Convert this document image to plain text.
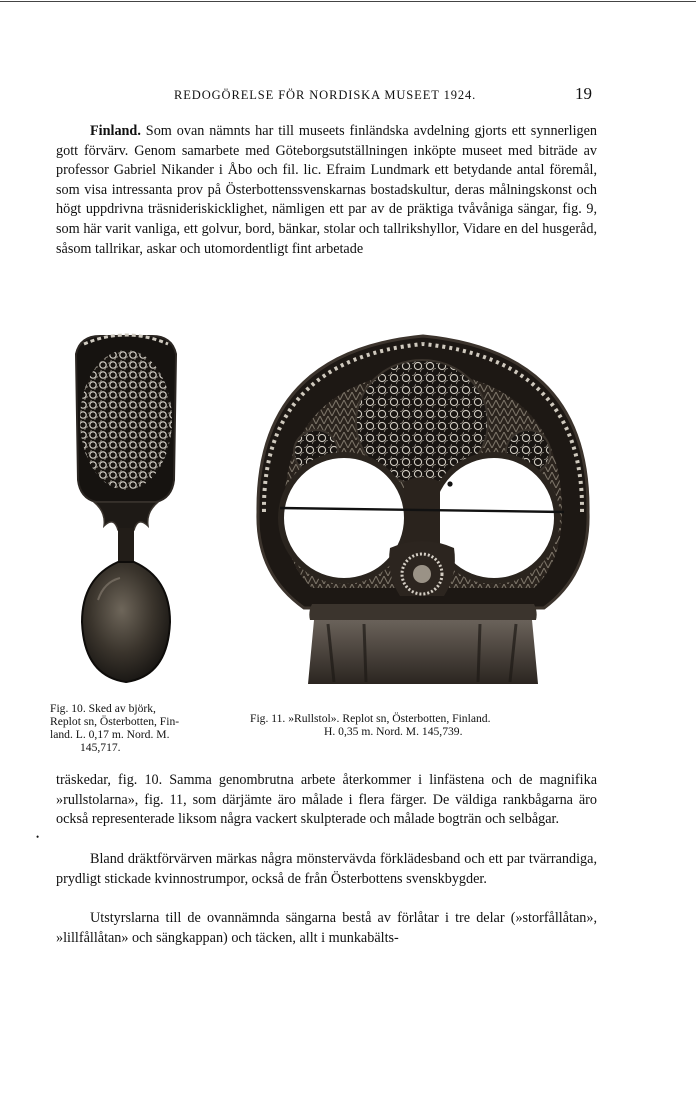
REDOGÖRELSE FÖR NORDISKA MUSEET 1924.	19
Finland. Som ovan nämnts har till museets finländska avdelning gjorts ett synnerligen gott förvärv. Genom samarbete med Göteborgsutställningen inköpte museet med biträde av professor Gabriel Nikander i Åbo och fil. lic. Efraim Lundmark ett betydande antal föremål, som visa intressanta prov på Österbottenssvenskarnas bostadskultur, deras målningskonst och högt uppdrivna träsnideriskicklighet, nämligen ett par av de präktiga tvåvåniga sängar, fig. 9, som här varit vanliga, ett golvur, bord, bänkar, stolar och tallrikshyllor, Vidare en del husgeråd, såsom tallrikar, askar och utomordentligt fint arbetade
Fig. 10. Sked av björk,
Replot sn, Österbotten, Fin-
land. L. 0,17 m. Nord. M.
145,717.
Fig. 11. »Rullstol». Replot sn, Österbotten, Finland.
H. 0,35 m. Nord. M. 145,739.
träskedar, fig. 10. Samma genombrutna arbete återkommer i linfästena och de magnifika »rullstolarna», fig. 11, som därjämte äro målade i flera färger. De väldiga rankbågarna äro också representerade liksom några vackert skulpterade och målade bogträn och selbågar.
•
Bland dräktförvärven märkas några mönstervävda förklädesband och ett par tvärrandiga, prydligt stickade kvinnostrumpor, också de från Österbottens svenskbygder.
Utstyrslarna till de ovannämnda sängarna bestå av förlåtar i tre delar (»storfållåtan», »lillfållåtan» och sängkappan) och täcken, allt i munkabälts-
